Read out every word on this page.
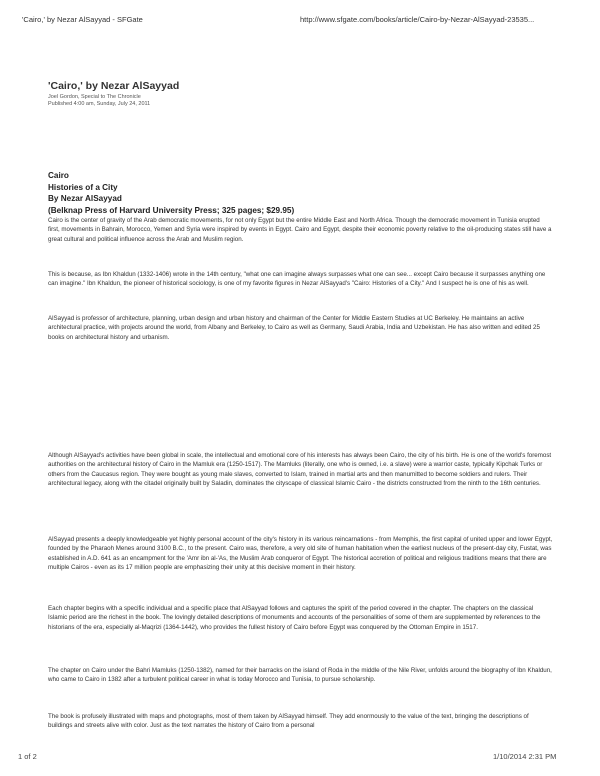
'Cairo,' by Nezar AlSayyad - SFGate	http://www.sfgate.com/books/article/Cairo-by-Nezar-AlSayyad-23535...
'Cairo,' by Nezar AlSayyad
Joel Gordon, Special to The Chronicle
Published 4:00 am, Sunday, July 24, 2011
Cairo
Histories of a City
By Nezar AlSayyad
(Belknap Press of Harvard University Press; 325 pages; $29.95)

Cairo is the center of gravity of the Arab democratic movements, for not only Egypt but the entire Middle East and North Africa. Though the democratic movement in Tunisia erupted first, movements in Bahrain, Morocco, Yemen and Syria were inspired by events in Egypt. Cairo and Egypt, despite their economic poverty relative to the oil-producing states still have a great cultural and political influence across the Arab and Muslim region.

This is because, as Ibn Khaldun (1332-1406) wrote in the 14th century, "what one can imagine always surpasses what one can see... except Cairo because it surpasses anything one can imagine." Ibn Khaldun, the pioneer of historical sociology, is one of my favorite figures in Nezar AlSayyad's "Cairo: Histories of a City." And I suspect he is one of his as well.

AlSayyad is professor of architecture, planning, urban design and urban history and chairman of the Center for Middle Eastern Studies at UC Berkeley. He maintains an active architectural practice, with projects around the world, from Albany and Berkeley, to Cairo as well as Germany, Saudi Arabia, India and Uzbekistan. He has also written and edited 25 books on architectural history and urbanism.

Although AlSayyad's activities have been global in scale, the intellectual and emotional core of his interests has always been Cairo, the city of his birth. He is one of the world's foremost authorities on the architectural history of Cairo in the Mamluk era (1250-1517). The Mamluks (literally, one who is owned, i.e. a slave) were a warrior caste, typically Kipchak Turks or others from the Caucasus region. They were bought as young male slaves, converted to Islam, trained in martial arts and then manumitted to become soldiers and rulers. Their architectural legacy, along with the citadel originally built by Saladin, dominates the cityscape of classical Islamic Cairo - the districts constructed from the ninth to the 16th centuries.

AlSayyad presents a deeply knowledgeable yet highly personal account of the city's history in its various reincarnations - from Memphis, the first capital of united upper and lower Egypt, founded by the Pharaoh Menes around 3100 B.C., to the present. Cairo was, therefore, a very old site of human habitation when the earliest nucleus of the present-day city, Fustat, was established in A.D. 641 as an encampment for the 'Amr ibn al-'As, the Muslim Arab conqueror of Egypt. The historical accretion of political and religious traditions means that there are multiple Cairos - even as its 17 million people are emphasizing their unity at this decisive moment in their history.

Each chapter begins with a specific individual and a specific place that AlSayyad follows and captures the spirit of the period covered in the chapter. The chapters on the classical Islamic period are the richest in the book. The lovingly detailed descriptions of monuments and accounts of the personalities of some of them are supplemented by references to the historians of the era, especially al-Maqrizi (1364-1442), who provides the fullest history of Cairo before Egypt was conquered by the Ottoman Empire in 1517.

The chapter on Cairo under the Bahri Mamluks (1250-1382), named for their barracks on the island of Roda in the middle of the Nile River, unfolds around the biography of Ibn Khaldun, who came to Cairo in 1382 after a turbulent political career in what is today Morocco and Tunisia, to pursue scholarship.

The book is profusely illustrated with maps and photographs, most of them taken by AlSayyad himself. They add enormously to the value of the text, bringing the descriptions of buildings and streets alive with color. Just as the text narrates the history of Cairo from a personal

1 of 2	1/10/2014 2:31 PM
